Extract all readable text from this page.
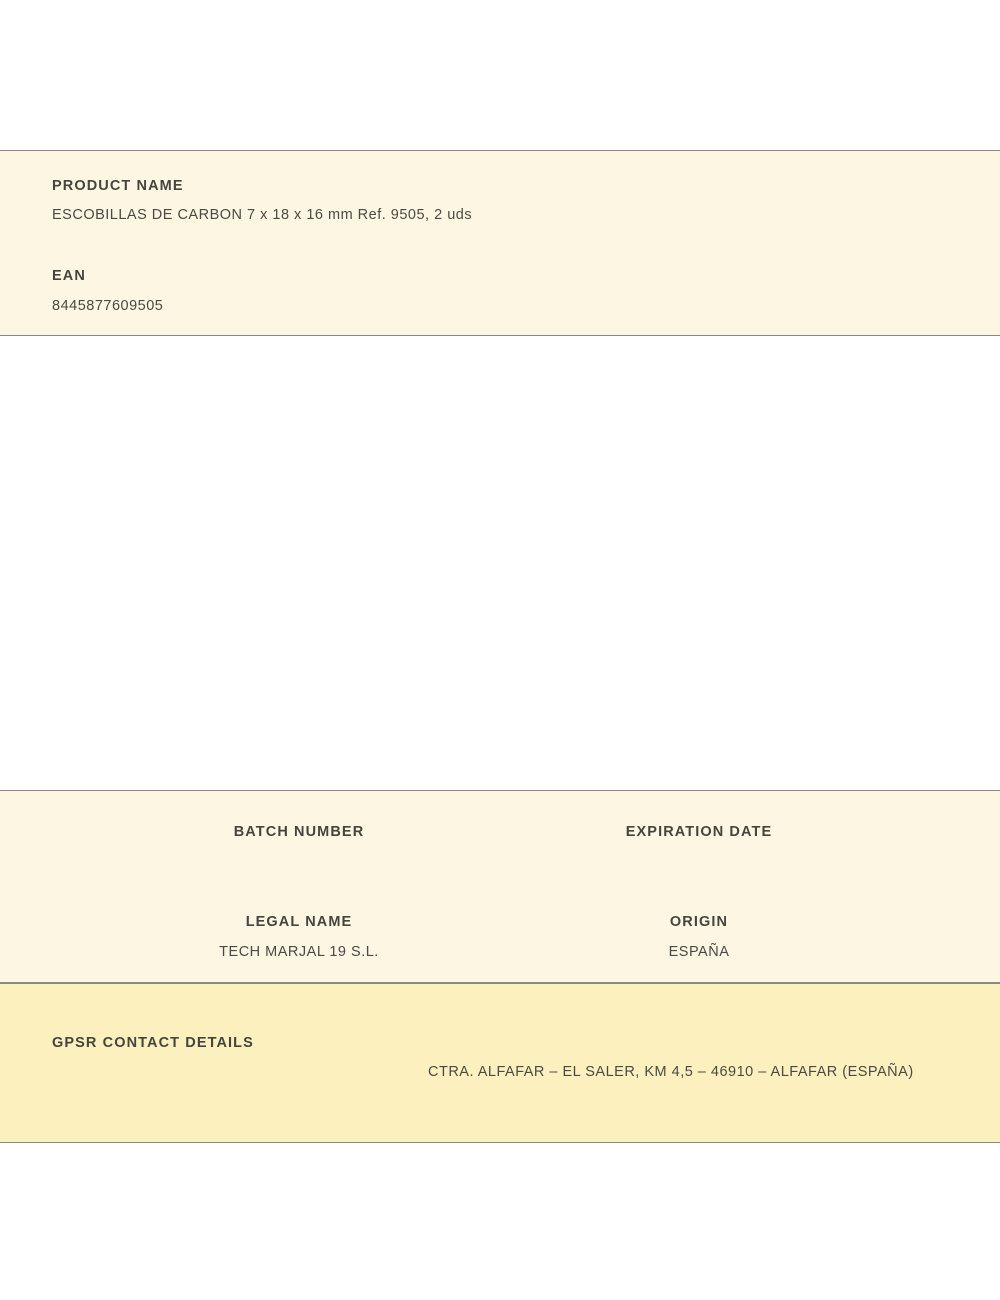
PRODUCT NAME
ESCOBILLAS DE CARBON 7 x 18 x 16 mm Ref. 9505, 2 uds
EAN
8445877609505
BATCH NUMBER	EXPIRATION DATE
LEGAL NAME
TECH MARJAL 19 S.L.
ORIGIN
ESPAÑA
GPSR CONTACT DETAILS
CTRA. ALFAFAR – EL SALER, KM 4,5 – 46910 – ALFAFAR (ESPAÑA)
